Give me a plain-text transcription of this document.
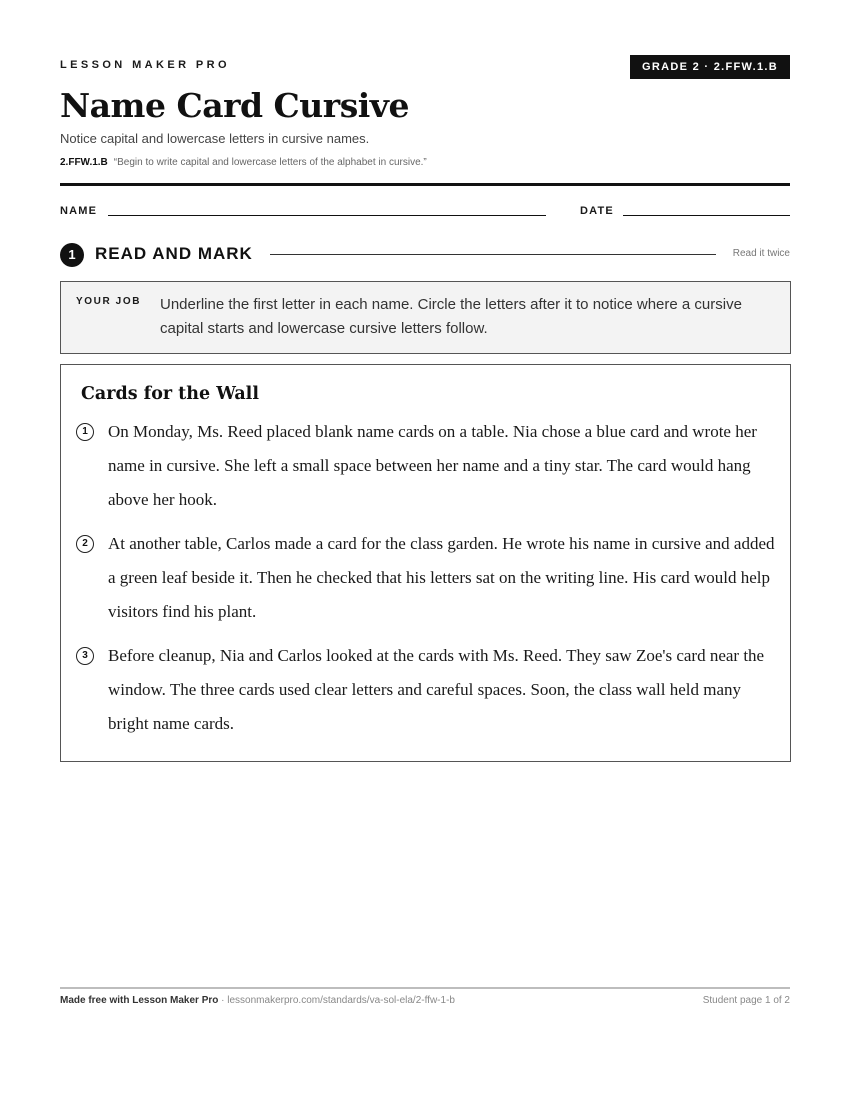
LESSON MAKER PRO	GRADE 2 · 2.FFW.1.B
Name Card Cursive
Notice capital and lowercase letters in cursive names.
2.FFW.1.B “Begin to write capital and lowercase letters of the alphabet in cursive.”
NAME	DATE
1	READ AND MARK	Read it twice
YOUR JOB Underline the first letter in each name. Circle the letters after it to notice where a cursive capital starts and lowercase cursive letters follow.
Cards for the Wall
1	On Monday, Ms. Reed placed blank name cards on a table. Nia chose a blue card and wrote her name in cursive. She left a small space between her name and a tiny star. The card would hang above her hook.
2	At another table, Carlos made a card for the class garden. He wrote his name in cursive and added a green leaf beside it. Then he checked that his letters sat on the writing line. His card would help visitors find his plant.
3	Before cleanup, Nia and Carlos looked at the cards with Ms. Reed. They saw Zoe's card near the window. The three cards used clear letters and careful spaces. Soon, the class wall held many bright name cards.
Made free with Lesson Maker Pro · lessonmakerpro.com/standards/va-sol-ela/2-ffw-1-b	Student page 1 of 2
